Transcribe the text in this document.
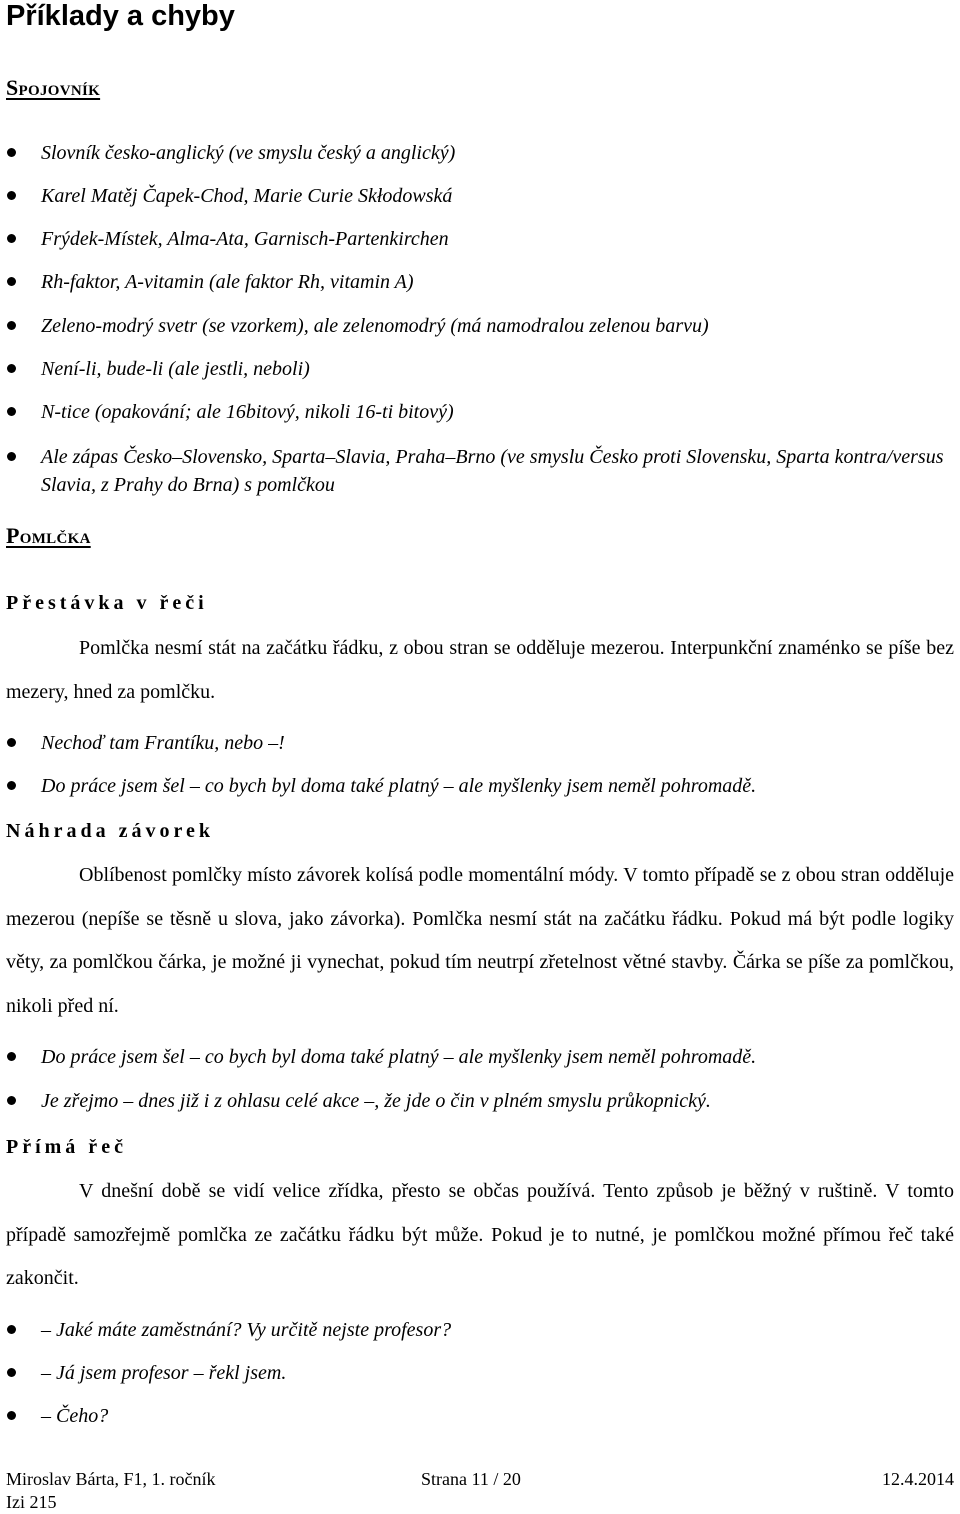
Příklady a chyby
Spojovník
Slovník česko-anglický (ve smyslu český a anglický)
Karel Matěj Čapek-Chod, Marie Curie Skłodowská
Frýdek-Místek, Alma-Ata, Garnisch-Partenkirchen
Rh-faktor, A-vitamin (ale faktor Rh, vitamin A)
Zeleno-modrý svetr (se vzorkem), ale zelenomodrý (má namodralou zelenou barvu)
Není-li, bude-li (ale jestli, neboli)
N-tice (opakování; ale 16bitový, nikoli 16-ti bitový)
Ale zápas Česko–Slovensko, Sparta–Slavia, Praha–Brno (ve smyslu Česko proti Slovensku, Sparta kontra/versus Slavia, z Prahy do Brna) s pomlčkou
Pomlčka
Přestávka v řeči

Pomlčka nesmí stát na začátku řádku, z obou stran se odděluje mezerou. Interpunkční znaménko se píše bez mezery, hned za pomlčku.

Nechoď tam Frantíku, nebo –!
Do práce jsem šel – co bych byl doma také platný – ale myšlenky jsem neměl pohromadě.
Náhrada závorek

Oblíbenost pomlčky místo závorek kolísá podle momentální módy. V tomto případě se z obou stran odděluje mezerou (nepíše se těsně u slova, jako závorka). Pomlčka nesmí stát na začátku řádku. Pokud má být podle logiky věty, za pomlčkou čárka, je možné ji vynechat, pokud tím neutrpí zřetelnost větné stavby. Čárka se píše za pomlčkou, nikoli před ní.

Do práce jsem šel – co bych byl doma také platný – ale myšlenky jsem neměl pohromadě.
Je zřejmo – dnes již i z ohlasu celé akce –, že jde o čin v plném smyslu průkopnický.
Přímá řeč

V dnešní době se vidí velice zřídka, přesto se občas používá. Tento způsob je běžný v ruštině. V tomto případě samozřejmě pomlčka ze začátku řádku být může. Pokud je to nutné, je pomlčkou možné přímou řeč také zakončit.

– Jaké máte zaměstnání? Vy určitě nejste profesor?
– Já jsem profesor – řekl jsem.
– Čeho?
Miroslav Bárta, F1, 1. ročník	Strana 11 / 20	12.4.2014
Izi 215
